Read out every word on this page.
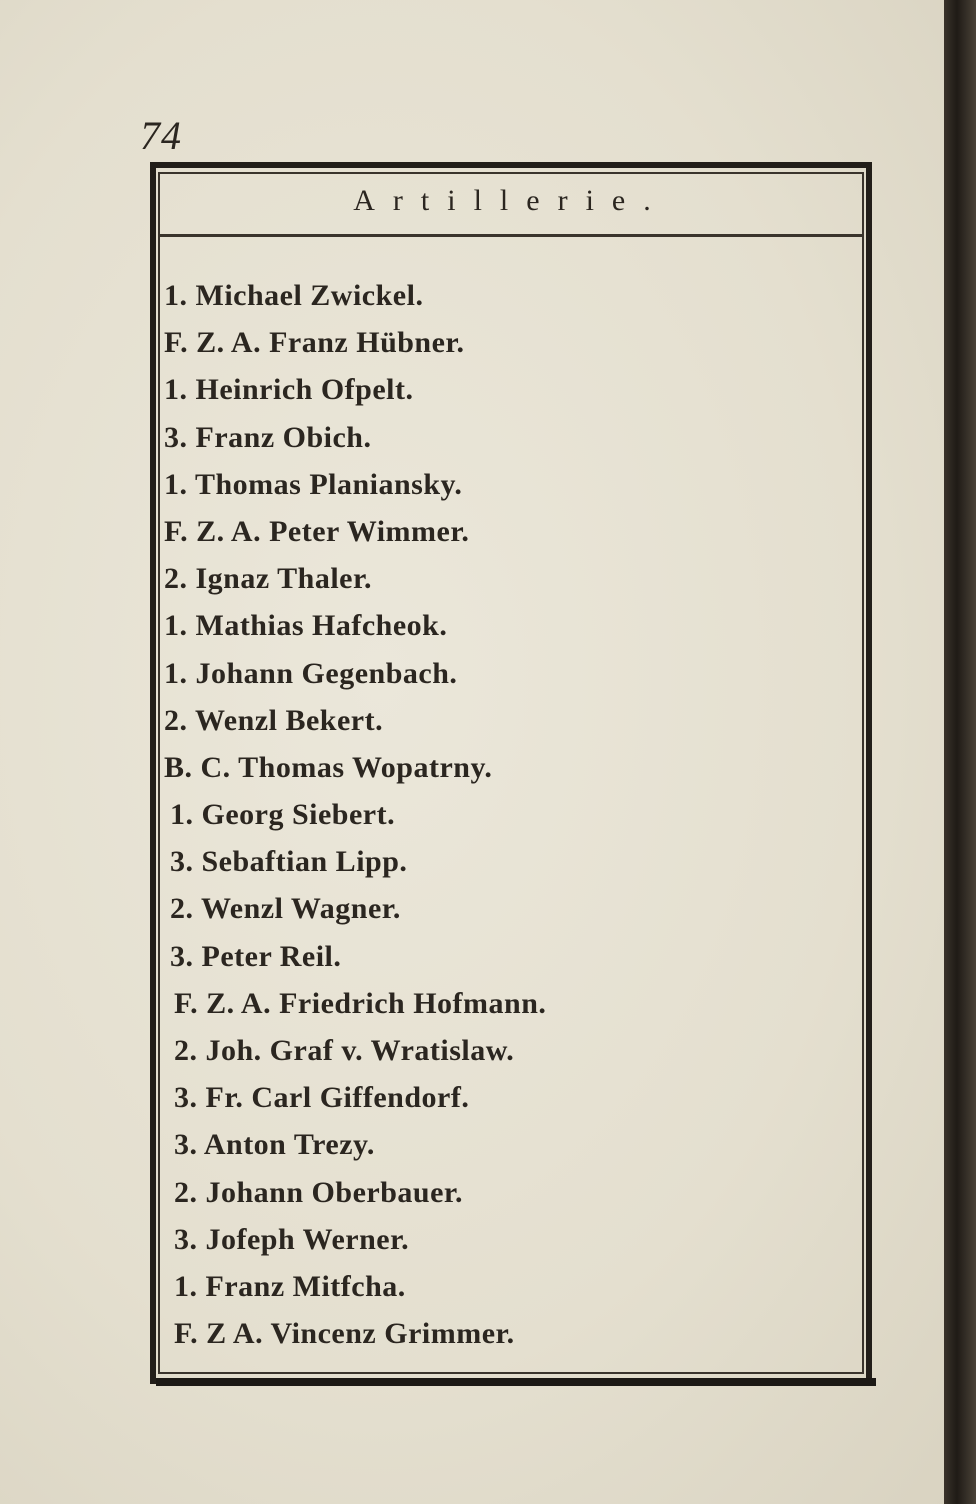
74
Artillerie.
1. Michael Zwickel.
F. Z. A. Franz Hübner.
1. Heinrich Ofpelt.
3. Franz Obich.
1. Thomas Planiansky.
F. Z. A. Peter Wimmer.
2. Ignaz Thaler.
1. Mathias Hafcheok.
1. Johann Gegenbach.
2. Wenzl Bekert.
B. C. Thomas Wopatrny.
1. Georg Siebert.
3. Sebaftian Lipp.
2. Wenzl Wagner.
3. Peter Reil.
F. Z. A. Friedrich Hofmann.
2. Joh. Graf v. Wratislaw.
3. Fr. Carl Giffendorf.
3. Anton Trezy.
2. Johann Oberbauer.
3. Jofeph Werner.
1. Franz Mitfcha.
F. Z A. Vincenz Grimmer.
